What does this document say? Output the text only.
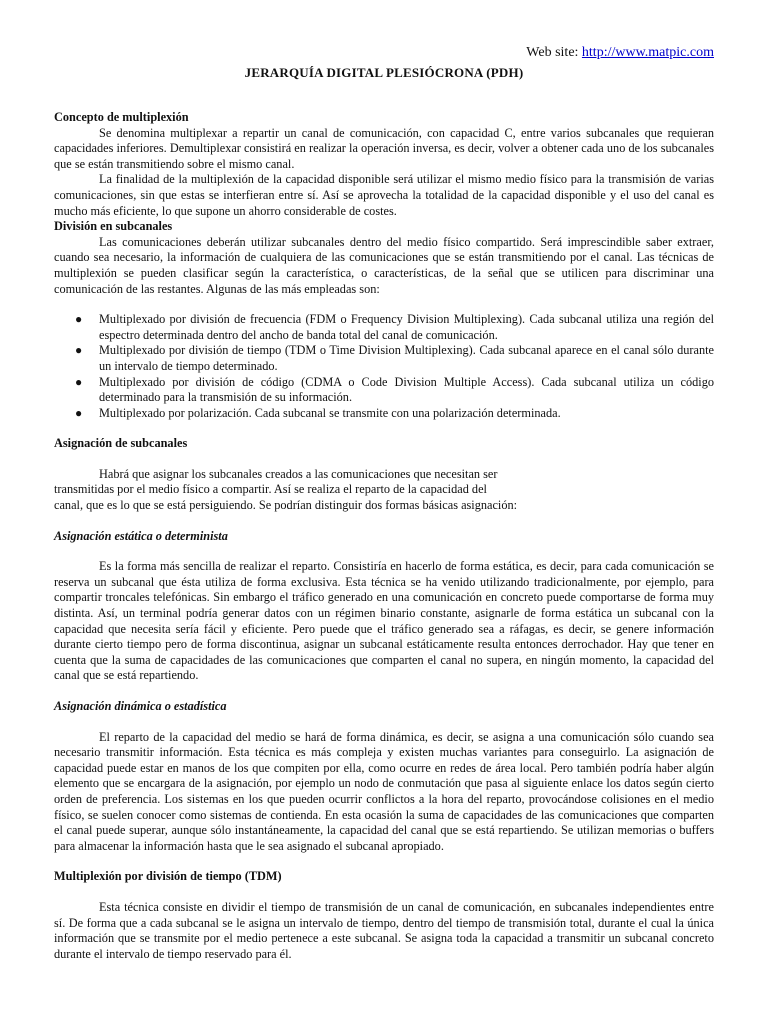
Web site: http://www.matpic.com
JERARQUÍA DIGITAL PLESIÓCRONA (PDH)
Concepto de multiplexión

Se denomina multiplexar a repartir un canal de comunicación, con capacidad C, entre varios subcanales que requieran capacidades inferiores. Demultiplexar consistirá en realizar la operación inversa, es decir, volver a obtener cada uno de los subcanales que se están transmitiendo sobre el mismo canal.

La finalidad de la multiplexión de la capacidad disponible será utilizar el mismo medio físico para la transmisión de varias comunicaciones, sin que estas se interfieran entre sí. Así se aprovecha la totalidad de la capacidad disponible y el uso del canal es mucho más eficiente, lo que supone un ahorro considerable de costes.

División en subcanales

Las comunicaciones deberán utilizar subcanales dentro del medio físico compartido. Será imprescindible saber extraer, cuando sea necesario, la información de cualquiera de las comunicaciones que se están transmitiendo por el canal. Las técnicas de multiplexión se pueden clasificar según la característica, o características, de la señal que se utilicen para discriminar una comunicación de las restantes. Algunas de las más empleadas son:

● Multiplexado por división de frecuencia (FDM o Frequency Division Multiplexing). Cada subcanal utiliza una región del espectro determinada dentro del ancho de banda total del canal de comunicación.
● Multiplexado por división de tiempo (TDM o Time Division Multiplexing). Cada subcanal aparece en el canal sólo durante un intervalo de tiempo determinado.
● Multiplexado por división de código (CDMA o Code Division Multiple Access). Cada subcanal utiliza un código determinado para la transmisión de su información.
● Multiplexado por polarización. Cada subcanal se transmite con una polarización determinada.
Asignación de subcanales

Habrá que asignar los subcanales creados a las comunicaciones que necesitan ser

transmitidas por el medio físico a compartir. Así se realiza el reparto de la capacidad del
canal, que es lo que se está persiguiendo. Se podrían distinguir dos formas básicas asignación:
Asignación estática o determinista

Es la forma más sencilla de realizar el reparto. Consistiría en hacerlo de forma estática, es decir, para cada comunicación se reserva un subcanal que ésta utiliza de forma exclusiva. Esta técnica se ha venido utilizando tradicionalmente, por ejemplo, para compartir troncales telefónicas. Sin embargo el tráfico generado en una comunicación en concreto puede comportarse de forma muy distinta. Así, un terminal podría generar datos con un régimen binario constante, asignarle de forma estática un subcanal con la capacidad que necesita sería fácil y eficiente. Pero puede que el tráfico generado sea a ráfagas, es decir, se genere información durante cierto tiempo pero de forma discontinua, asignar un subcanal estáticamente resulta entonces derrochador. Hay que tener en cuenta que la suma de capacidades de las comunicaciones que comparten el canal no supera, en ningún momento, la capacidad del canal que se está repartiendo.

Asignación dinámica o estadística

El reparto de la capacidad del medio se hará de forma dinámica, es decir, se asigna a una comunicación sólo cuando sea necesario transmitir información. Esta técnica es más compleja y existen muchas variantes para conseguirlo. La asignación de capacidad puede estar en manos de los que compiten por ella, como ocurre en redes de área local. Pero también podría haber algún elemento que se encargara de la asignación, por ejemplo un nodo de conmutación que pasa al siguiente enlace los datos según cierto orden de preferencia. Los sistemas en los que pueden ocurrir conflictos a la hora del reparto, provocándose colisiones en el medio físico, se suelen conocer como sistemas de contienda. En esta ocasión la suma de capacidades de las comunicaciones que comparten el canal puede superar, aunque sólo instantáneamente, la capacidad del canal que se está repartiendo. Se utilizan memorias o buffers para almacenar la información hasta que le sea asignado el subcanal apropiado.

Multiplexión por división de tiempo (TDM)

Esta técnica consiste en dividir el tiempo de transmisión de un canal de comunicación, en subcanales independientes entre sí. De forma que a cada subcanal se le asigna un intervalo de tiempo, dentro del tiempo de transmisión total, durante el cual la única información que se transmite por el medio pertenece a este subcanal. Se asigna toda la capacidad a transmitir un subcanal concreto durante el intervalo de tiempo reservado para él.
